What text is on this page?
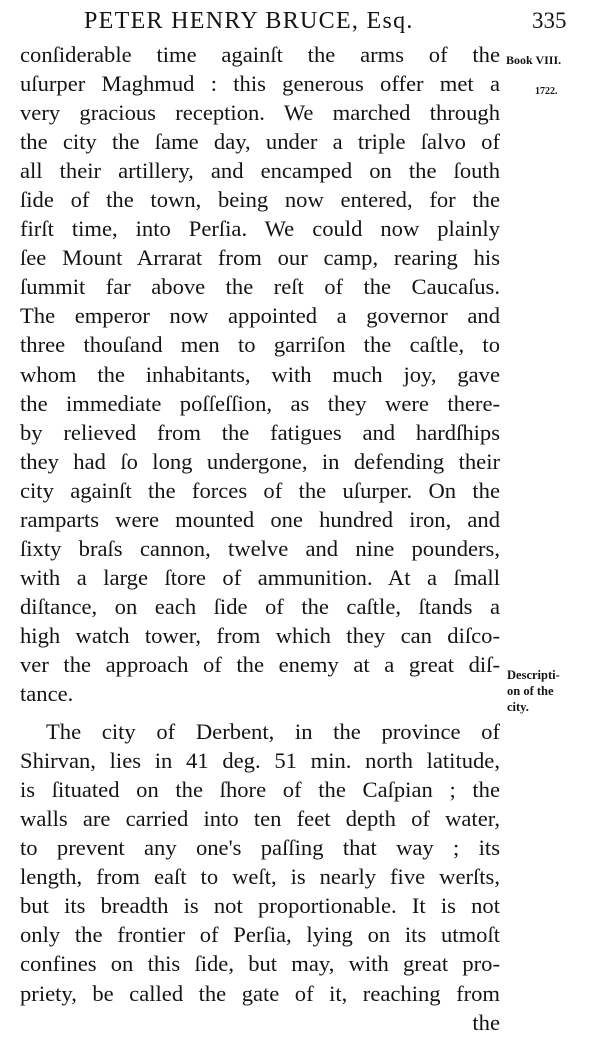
PETER HENRY BRUCE, Esq.	335
Book VIII.
1722.
Descripti-
on of the
city.
conſiderable time againſt the arms of the
uſurper Maghmud : this generous offer met a
very gracious reception. We marched through
the city the ſame day, under a triple ſalvo of
all their artillery, and encamped on the ſouth
ſide of the town, being now entered, for the
firſt time, into Perſia. We could now plainly
ſee Mount Arrarat from our camp, rearing his
ſummit far above the reſt of the Caucaſus.
The emperor now appointed a governor and
three thouſand men to garriſon the caſtle, to
whom the inhabitants, with much joy, gave
the immediate poſſeſſion, as they were there-
by relieved from the fatigues and hardſhips
they had ſo long undergone, in defending their
city againſt the forces of the uſurper. On the
ramparts were mounted one hundred iron, and
ſixty braſs cannon, twelve and nine pounders,
with a large ſtore of ammunition. At a ſmall
diſtance, on each ſide of the caſtle, ſtands a
high watch tower, from which they can diſco-
ver the approach of the enemy at a great diſ-
tance.
The city of Derbent, in the province of
Shirvan, lies in 41 deg. 51 min. north latitude,
is ſituated on the ſhore of the Caſpian ; the
walls are carried into ten feet depth of water,
to prevent any one's paſſing that way ; its
length, from eaſt to weſt, is nearly five werſts,
but its breadth is not proportionable. It is not
only the frontier of Perſia, lying on its utmoſt
confines on this ſide, but may, with great pro-
priety, be called the gate of it, reaching from
the
